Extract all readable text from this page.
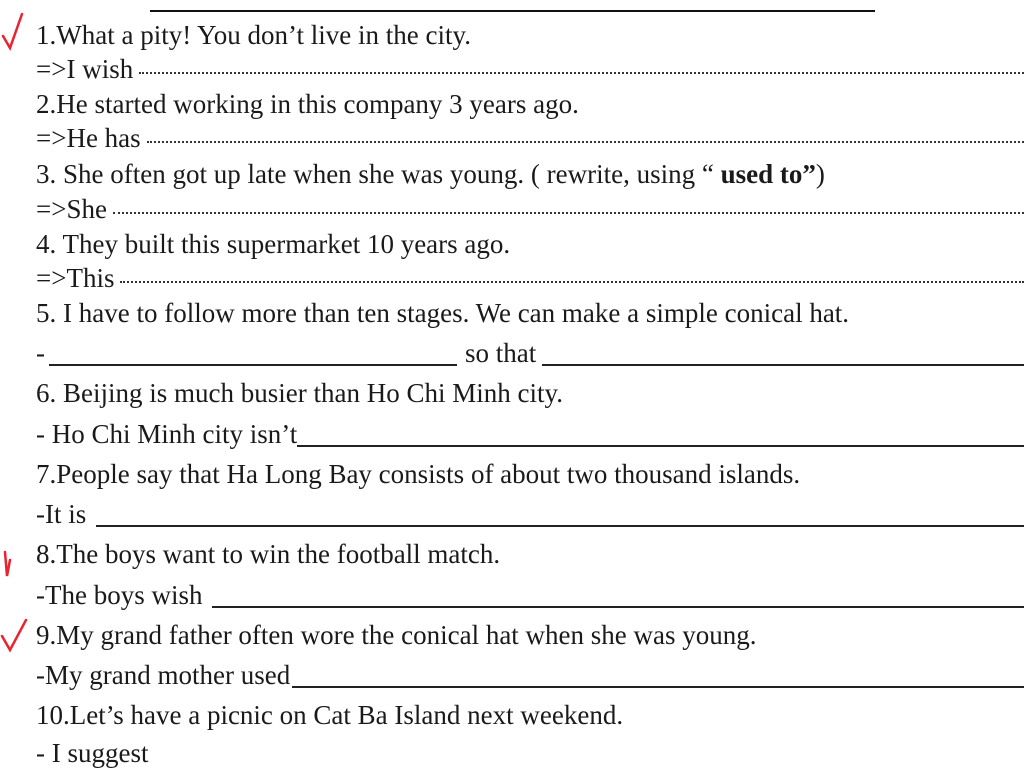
1.What a pity! You don’t live in the city.
=>I wish
2.He started working in this company 3 years ago.
=>He has
3. She often got up late when she was young. ( rewrite, using “ used to” )
=>She
4. They built this supermarket 10 years ago.
=>This
5. I have to follow more than ten stages. We can make a simple conical hat.
-	so that
6. Beijing is much busier than Ho Chi Minh city.
- Ho Chi Minh city isn’t
7.People say that Ha Long Bay consists of about two thousand islands.
-It is
8.The boys want to win the football match.
-The boys wish
9.My grand father often wore the conical hat when she was young.
-My grand mother used
10.Let’s have a picnic on Cat Ba Island next weekend.
- I suggest
